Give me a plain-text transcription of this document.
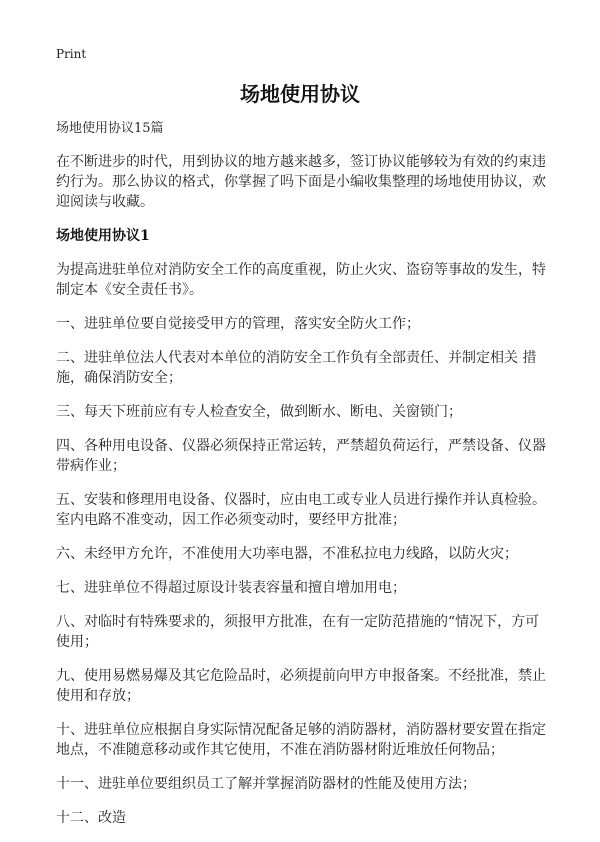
Print
场地使用协议

场地使用协议15篇

在不断进步的时代，用到协议的地方越来越多，签订协议能够较为有效的约束违约行为。那么协议的格式，你掌握了吗下面是小编收集整理的场地使用协议，欢迎阅读与收藏。

场地使用协议1

为提高进驻单位对消防安全工作的高度重视，防止火灾、盗窃等事故的发生，特制定本《安全责任书》。

一、进驻单位要自觉接受甲方的管理，落实安全防火工作；

二、进驻单位法人代表对本单位的消防安全工作负有全部责任、并制定相关 措施，确保消防安全；

三、每天下班前应有专人检查安全，做到断水、断电、关窗锁门；

四、各种用电设备、仪器必须保持正常运转，严禁超负荷运行，严禁设备、仪器带病作业；

五、安装和修理用电设备、仪器时，应由电工或专业人员进行操作并认真检验。室内电路不准变动，因工作必须变动时，要经甲方批准；

六、未经甲方允许，不准使用大功率电器，不准私拉电力线路，以防火灾；

七、进驻单位不得超过原设计装表容量和擅自增加用电；

八、对临时有特殊要求的，须报甲方批准，在有一定防范措施的“情况下，方可使用；

九、使用易燃易爆及其它危险品时，必须提前向甲方申报备案。不经批准，禁止使用和存放；

十、进驻单位应根据自身实际情况配备足够的消防器材，消防器材要安置在指定地点，不准随意移动或作其它使用，不准在消防器材附近堆放任何物品；

十一、进驻单位要组织员工了解并掌握消防器材的性能及使用方法；

十二、改造
